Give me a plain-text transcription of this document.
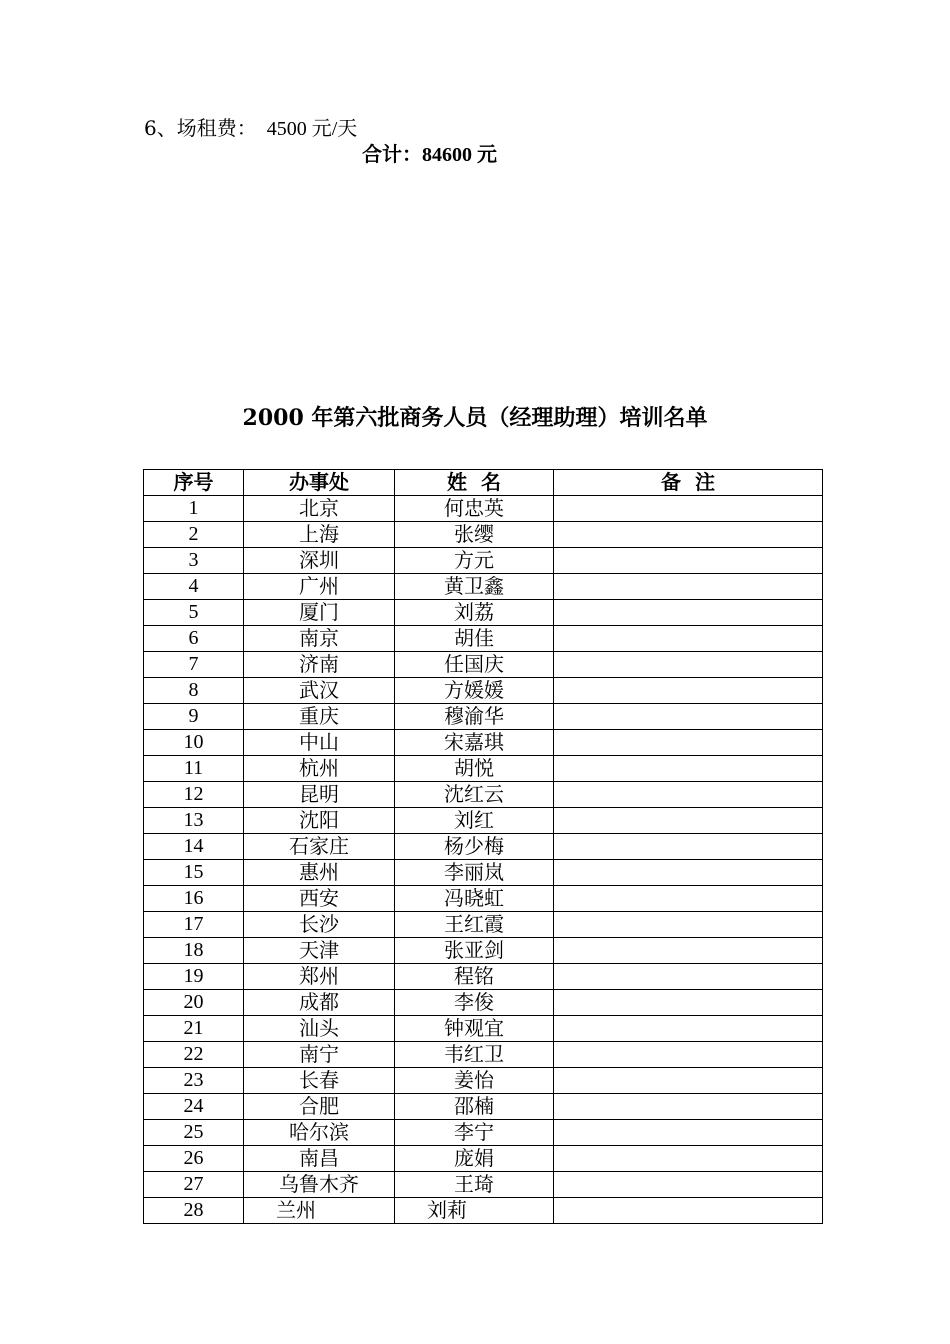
6、场租费： 4500 元/天
合计：84600 元
2000 年第六批商务人员（经理助理）培训名单
序号	办事处	姓  名	备  注
1	北京	何忠英	
2	上海	张缨	
3	深圳	方元	
4	广州	黄卫鑫	
5	厦门	刘荔	
6	南京	胡佳	
7	济南	任国庆	
8	武汉	方媛媛	
9	重庆	穆渝华	
10	中山	宋嘉琪	
11	杭州	胡悦	
12	昆明	沈红云	
13	沈阳	刘红	
14	石家庄	杨少梅	
15	惠州	李丽岚	
16	西安	冯晓虹	
17	长沙	王红霞	
18	天津	张亚剑	
19	郑州	程铭	
20	成都	李俊	
21	汕头	钟观宜	
22	南宁	韦红卫	
23	长春	姜怡	
24	合肥	邵楠	
25	哈尔滨	李宁	
26	南昌	庞娟	
27	乌鲁木齐	王琦	
28	兰州	刘莉	
